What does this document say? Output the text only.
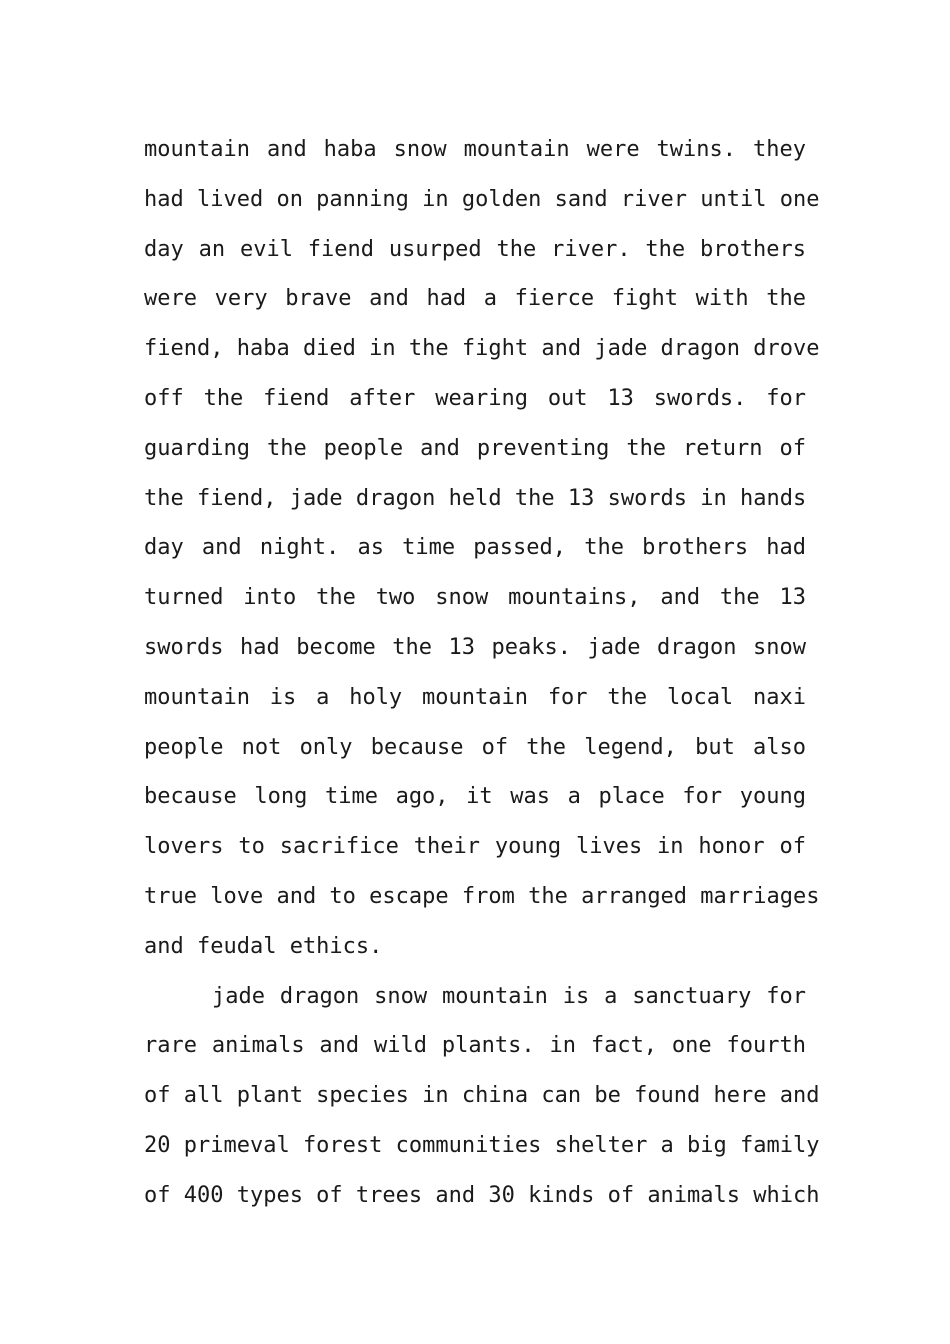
mountain and haba snow mountain were twins. they
had lived on panning in golden sand river until one
day an evil fiend usurped the river. the brothers
were very brave and had a fierce fight with the
fiend, haba died in the fight and jade dragon drove
off the fiend after wearing out 13 swords. for
guarding the people and preventing the return of
the fiend, jade dragon held the 13 swords in hands
day and night. as time passed, the brothers had
turned into the two snow mountains, and the 13
swords had become the 13 peaks. jade dragon snow
mountain is a holy mountain for the local naxi
people not only because of the legend, but also
because long time ago, it was a place for young
lovers to sacrifice their young lives in honor of
true love and to escape from the arranged marriages
and feudal ethics.
jade dragon snow mountain is a sanctuary for
rare animals and wild plants. in fact, one fourth
of all plant species in china can be found here and
20 primeval forest communities shelter a big family
of 400 types of trees and 30 kinds of animals which
